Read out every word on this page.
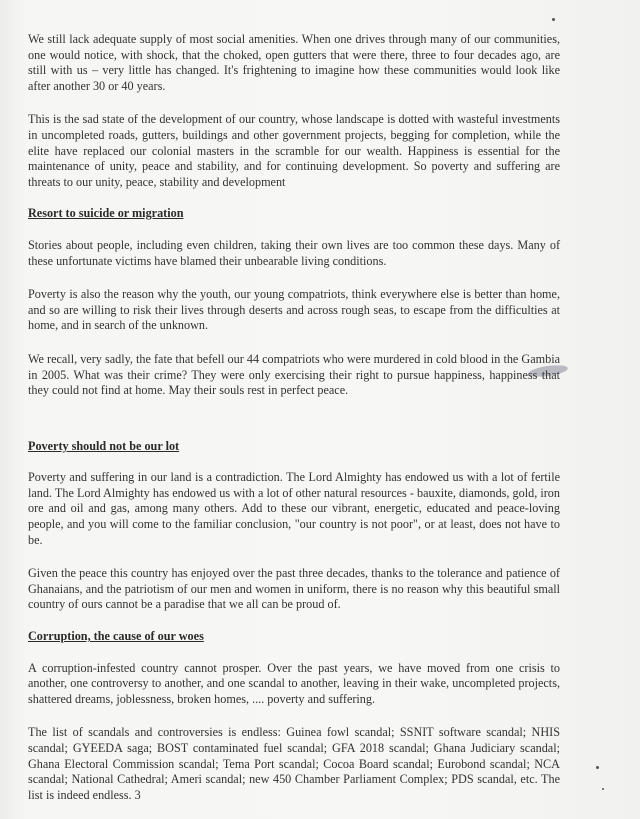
We still lack adequate supply of most social amenities. When one drives through many of our communities, one would notice, with shock, that the choked, open gutters that were there, three to four decades ago, are still with us – very little has changed. It's frightening to imagine how these communities would look like after another 30 or 40 years.

This is the sad state of the development of our country, whose landscape is dotted with wasteful investments in uncompleted roads, gutters, buildings and other government projects, begging for completion, while the elite have replaced our colonial masters in the scramble for our wealth. Happiness is essential for the maintenance of unity, peace and stability, and for continuing development. So poverty and suffering are threats to our unity, peace, stability and development

Resort to suicide or migration

Stories about people, including even children, taking their own lives are too common these days. Many of these unfortunate victims have blamed their unbearable living conditions.

Poverty is also the reason why the youth, our young compatriots, think everywhere else is better than home, and so are willing to risk their lives through deserts and across rough seas, to escape from the difficulties at home, and in search of the unknown.

We recall, very sadly, the fate that befell our 44 compatriots who were murdered in cold blood in the Gambia in 2005. What was their crime? They were only exercising their right to pursue happiness, happiness that they could not find at home. May their souls rest in perfect peace.

Poverty should not be our lot

Poverty and suffering in our land is a contradiction. The Lord Almighty has endowed us with a lot of fertile land. The Lord Almighty has endowed us with a lot of other natural resources - bauxite, diamonds, gold, iron ore and oil and gas, among many others. Add to these our vibrant, energetic, educated and peace-loving people, and you will come to the familiar conclusion, "our country is not poor", or at least, does not have to be.

Given the peace this country has enjoyed over the past three decades, thanks to the tolerance and patience of Ghanaians, and the patriotism of our men and women in uniform, there is no reason why this beautiful small country of ours cannot be a paradise that we all can be proud of.

Corruption, the cause of our woes

A corruption-infested country cannot prosper. Over the past years, we have moved from one crisis to another, one controversy to another, and one scandal to another, leaving in their wake, uncompleted projects, shattered dreams, joblessness, broken homes, .... poverty and suffering.

The list of scandals and controversies is endless: Guinea fowl scandal; SSNIT software scandal; NHIS scandal; GYEEDA saga; BOST contaminated fuel scandal; GFA 2018 scandal; Ghana Judiciary scandal; Ghana Electoral Commission scandal; Tema Port scandal; Cocoa Board scandal; Eurobond scandal; NCA scandal; National Cathedral; Ameri scandal; new 450 Chamber Parliament Complex; PDS scandal, etc. The list is indeed endless. 3
